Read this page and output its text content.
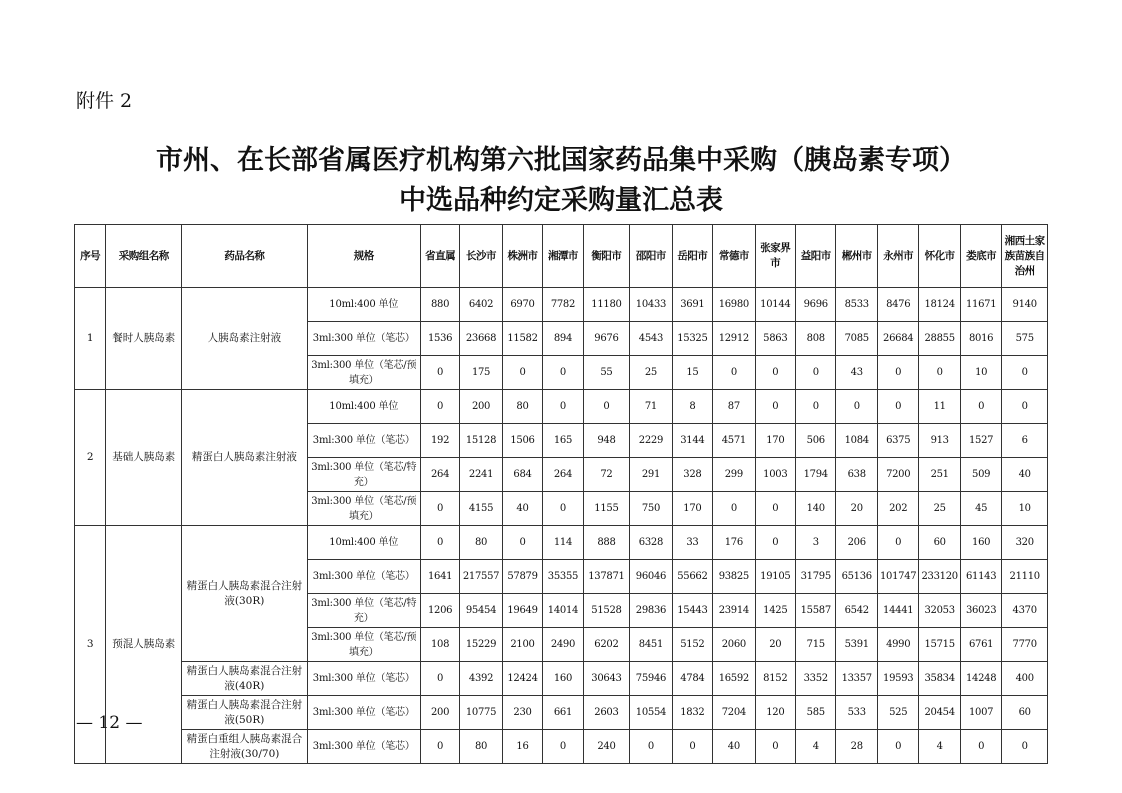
附件 2
市州、在长部省属医疗机构第六批国家药品集中采购（胰岛素专项）
中选品种约定采购量汇总表
序号	采购组名称	药品名称	规格	省直属	长沙市	株洲市	湘潭市	衡阳市	邵阳市	岳阳市	常德市	张家界市	益阳市	郴州市	永州市	怀化市	娄底市	湘西土家族苗族自治州
1	餐时人胰岛素	人胰岛素注射液	10ml:400 单位	880	6402	6970	7782	11180	10433	3691	16980	10144	9696	8533	8476	18124	11671	9140
			3ml:300 单位（笔芯）	1536	23668	11582	894	9676	4543	15325	12912	5863	808	7085	26684	28855	8016	575
			3ml:300 单位（笔芯/预填充）	0	175	0	0	55	25	15	0	0	0	43	0	0	10	0
2	基础人胰岛素	精蛋白人胰岛素注射液	10ml:400 单位	0	200	80	0	0	71	8	87	0	0	0	0	11	0	0
			3ml:300 单位（笔芯）	192	15128	1506	165	948	2229	3144	4571	170	506	1084	6375	913	1527	6
			3ml:300 单位（笔芯/特充）	264	2241	684	264	72	291	328	299	1003	1794	638	7200	251	509	40
			3ml:300 单位（笔芯/预填充）	0	4155	40	0	1155	750	170	0	0	140	20	202	25	45	10
3	预混人胰岛素	精蛋白人胰岛素混合注射液(30R)	10ml:400 单位	0	80	0	114	888	6328	33	176	0	3	206	0	60	160	320
			3ml:300 单位（笔芯）	1641	217557	57879	35355	137871	96046	55662	93825	19105	31795	65136	101747	233120	61143	21110
			3ml:300 单位（笔芯/特充）	1206	95454	19649	14014	51528	29836	15443	23914	1425	15587	6542	14441	32053	36023	4370
			3ml:300 单位（笔芯/预填充）	108	15229	2100	2490	6202	8451	5152	2060	20	715	5391	4990	15715	6761	7770
		精蛋白人胰岛素混合注射液(40R)	3ml:300 单位（笔芯）	0	4392	12424	160	30643	75946	4784	16592	8152	3352	13357	19593	35834	14248	400
		精蛋白人胰岛素混合注射液(50R)	3ml:300 单位（笔芯）	200	10775	230	661	2603	10554	1832	7204	120	585	533	525	20454	1007	60
		精蛋白重组人胰岛素混合注射液(30/70)	3ml:300 单位（笔芯）	0	80	16	0	240	0	0	40	0	4	28	0	4	0	0
— 12 —
